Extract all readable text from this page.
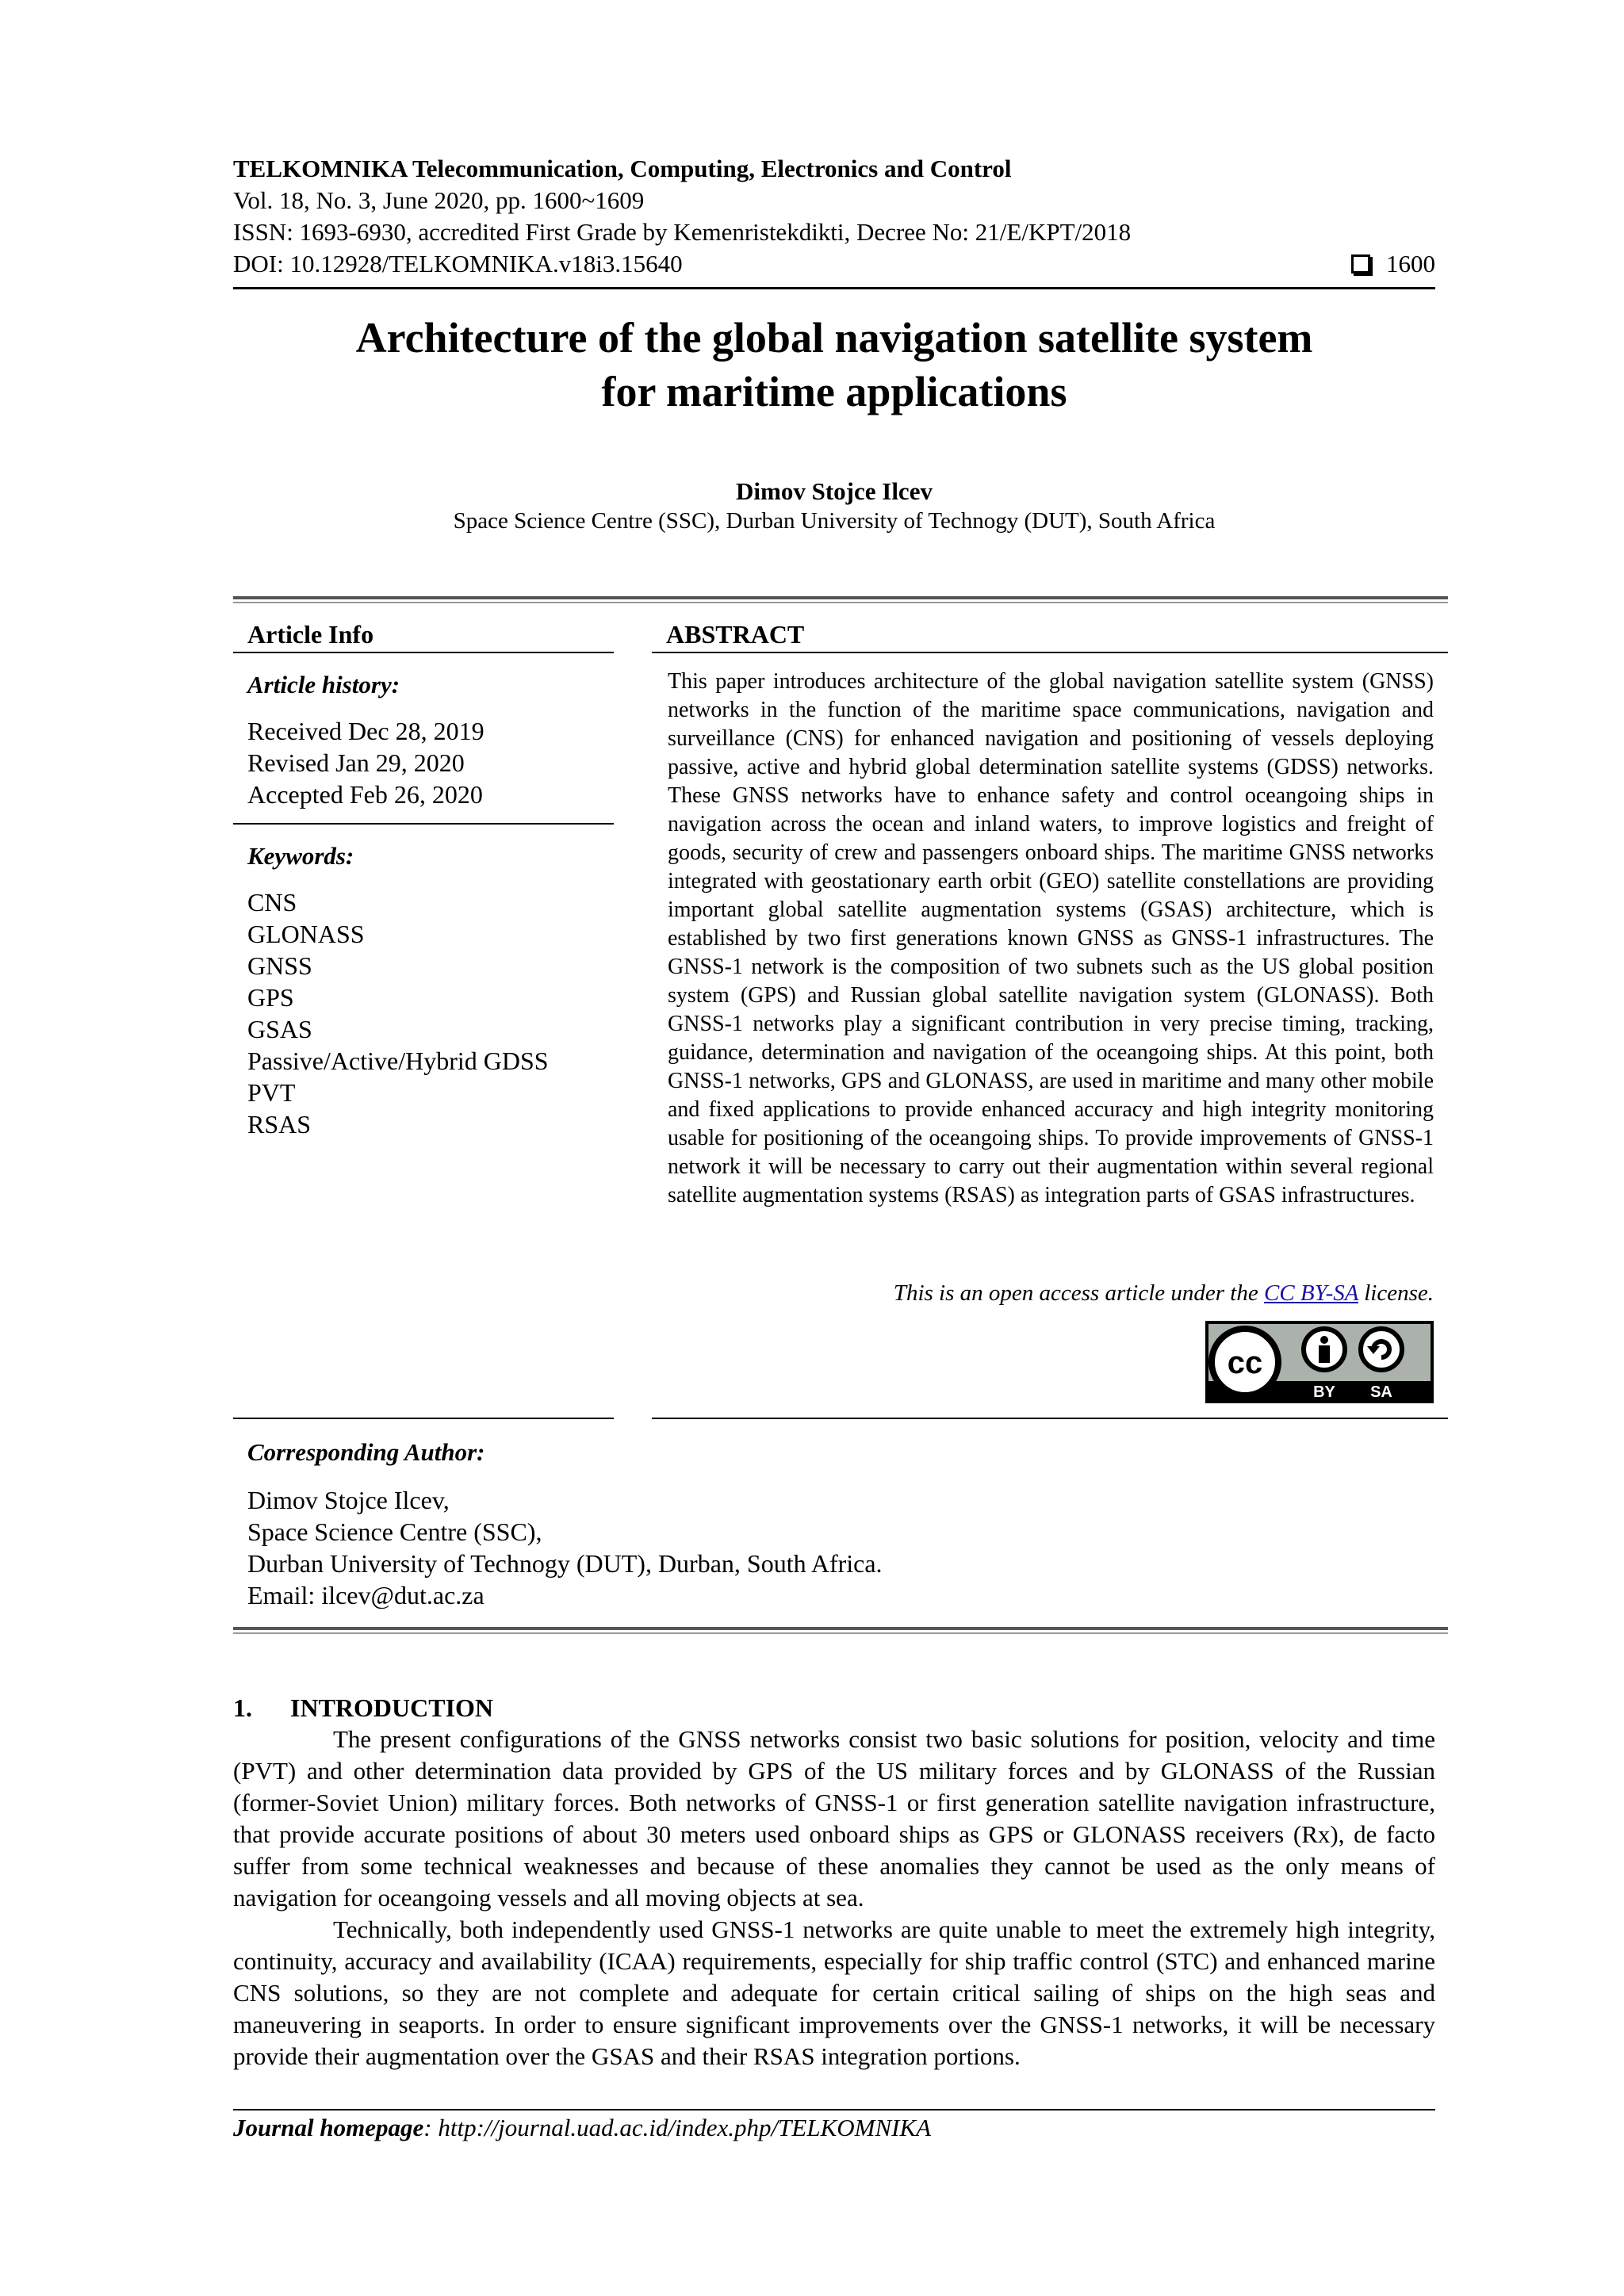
TELKOMNIKA Telecommunication, Computing, Electronics and Control
Vol. 18, No. 3, June 2020, pp. 1600~1609
ISSN: 1693-6930, accredited First Grade by Kemenristekdikti, Decree No: 21/E/KPT/2018
DOI: 10.12928/TELKOMNIKA.v18i3.15640	1600
Architecture of the global navigation satellite system
for maritime applications
Dimov Stojce Ilcev
Space Science Centre (SSC), Durban University of Technogy (DUT), South Africa
Article Info
Article history:
Received Dec 28, 2019
Revised Jan 29, 2020
Accepted Feb 26, 2020
Keywords:
CNS
GLONASS
GNSS
GPS
GSAS
Passive/Active/Hybrid GDSS
PVT
RSAS
ABSTRACT
This paper introduces architecture of the global navigation satellite system (GNSS) networks in the function of the maritime space communications, navigation and surveillance (CNS) for enhanced navigation and positioning of vessels deploying passive, active and hybrid global determination satellite systems (GDSS) networks. These GNSS networks have to enhance safety and control oceangoing ships in navigation across the ocean and inland waters, to improve logistics and freight of goods, security of crew and passengers onboard ships. The maritime GNSS networks integrated with geostationary earth orbit (GEO) satellite constellations are providing important global satellite augmentation systems (GSAS) architecture, which is established by two first generations known GNSS as GNSS-1 infrastructures. The GNSS-1 network is the composition of two subnets such as the US global position system (GPS) and Russian global satellite navigation system (GLONASS). Both GNSS-1 networks play a significant contribution in very precise timing, tracking, guidance, determination and navigation of the oceangoing ships. At this point, both GNSS-1 networks, GPS and GLONASS, are used in maritime and many other mobile and fixed applications to provide enhanced accuracy and high integrity monitoring usable for positioning of the oceangoing ships. To provide improvements of GNSS-1 network it will be necessary to carry out their augmentation within several regional satellite augmentation systems (RSAS) as integration parts of GSAS infrastructures.
This is an open access article under the CC BY-SA license.
cc
BY SA
Corresponding Author:
Dimov Stojce Ilcev,
Space Science Centre (SSC),
Durban University of Technogy (DUT), Durban, South Africa.
Email: ilcev@dut.ac.za
1. INTRODUCTION

The present configurations of the GNSS networks consist two basic solutions for position, velocity and time (PVT) and other determination data provided by GPS of the US military forces and by GLONASS of the Russian (former-Soviet Union) military forces. Both networks of GNSS-1 or first generation satellite navigation infrastructure, that provide accurate positions of about 30 meters used onboard ships as GPS or GLONASS receivers (Rx), de facto suffer from some technical weaknesses and because of these anomalies they cannot be used as the only means of navigation for oceangoing vessels and all moving objects at sea.

Technically, both independently used GNSS-1 networks are quite unable to meet the extremely high integrity, continuity, accuracy and availability (ICAA) requirements, especially for ship traffic control (STC) and enhanced marine CNS solutions, so they are not complete and adequate for certain critical sailing of ships on the high seas and maneuvering in seaports. In order to ensure significant improvements over the GNSS-1 networks, it will be necessary provide their augmentation over the GSAS and their RSAS integration portions.

Journal homepage: http://journal.uad.ac.id/index.php/TELKOMNIKA
